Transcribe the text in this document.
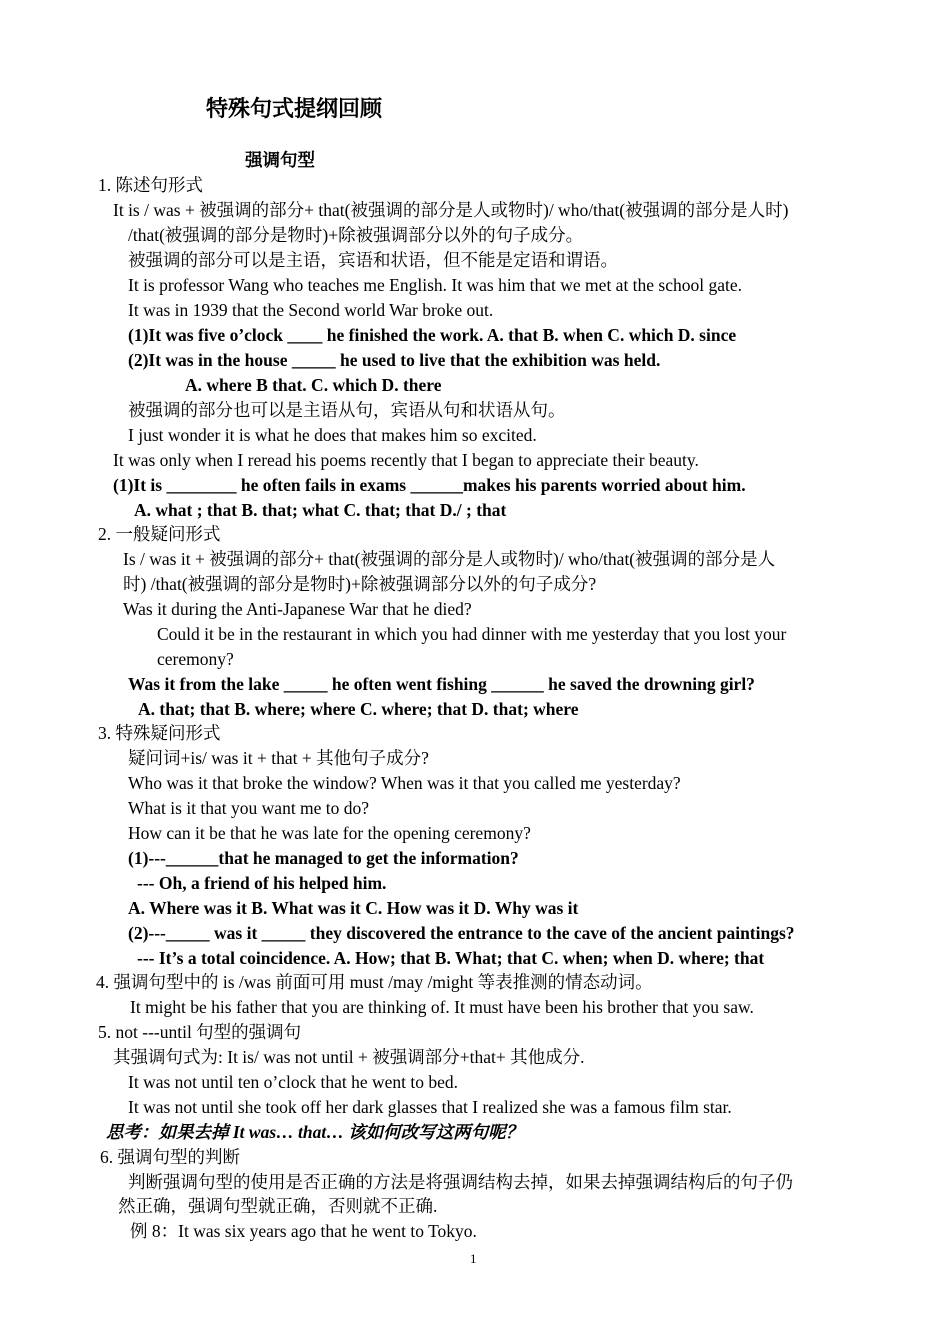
特殊句式提纲回顾
强调句型
1. 陈述句形式
It is / was + 被强调的部分+ that(被强调的部分是人或物时)/ who/that(被强调的部分是人时)
/that(被强调的部分是物时)+除被强调部分以外的句子成分。
被强调的部分可以是主语，宾语和状语，但不能是定语和谓语。
It is professor Wang who teaches me English. It was him that we met at the school gate.
It was in 1939 that the Second world War broke out.
(1)It was five o’clock ____ he finished the work. A. that B. when C. which D. since
(2)It was in the house _____ he used to live that the exhibition was held.
A. where B that. C. which D. there
被强调的部分也可以是主语从句，宾语从句和状语从句。
I just wonder it is what he does that makes him so excited.
It was only when I reread his poems recently that I began to appreciate their beauty.
(1)It is ________ he often fails in exams ______makes his parents worried about him.
A. what ; that B. that; what C. that; that D./ ; that
2. 一般疑问形式
Is / was it + 被强调的部分+ that(被强调的部分是人或物时)/ who/that(被强调的部分是人
时) /that(被强调的部分是物时)+除被强调部分以外的句子成分?
Was it during the Anti-Japanese War that he died?
Could it be in the restaurant in which you had dinner with me yesterday that you lost your
ceremony?
Was it from the lake _____ he often went fishing ______ he saved the drowning girl?
A. that; that B. where; where C. where; that D. that; where
3. 特殊疑问形式
疑问词+is/ was it + that + 其他句子成分?
Who was it that broke the window? When was it that you called me yesterday?
What is it that you want me to do?
How can it be that he was late for the opening ceremony?
(1)---______that he managed to get the information?
--- Oh, a friend of his helped him.
A. Where was it B. What was it C. How was it D. Why was it
(2)---_____ was it _____ they discovered the entrance to the cave of the ancient paintings?
--- It’s a total coincidence. A. How; that B. What; that C. when; when D. where; that
4. 强调句型中的 is /was 前面可用 must /may /might 等表推测的情态动词。
It might be his father that you are thinking of. It must have been his brother that you saw.
5. not ---until 句型的强调句
其强调句式为: It is/ was not until + 被强调部分+that+ 其他成分.
It was not until ten o’clock that he went to bed.
It was not until she took off her dark glasses that I realized she was a famous film star.
思考：如果去掉 It was… that… 该如何改写这两句呢？
6. 强调句型的判断
判断强调句型的使用是否正确的方法是将强调结构去掉，如果去掉强调结构后的句子仍
然正确，强调句型就正确，否则就不正确.
例 8：It was six years ago that he went to Tokyo.
1
